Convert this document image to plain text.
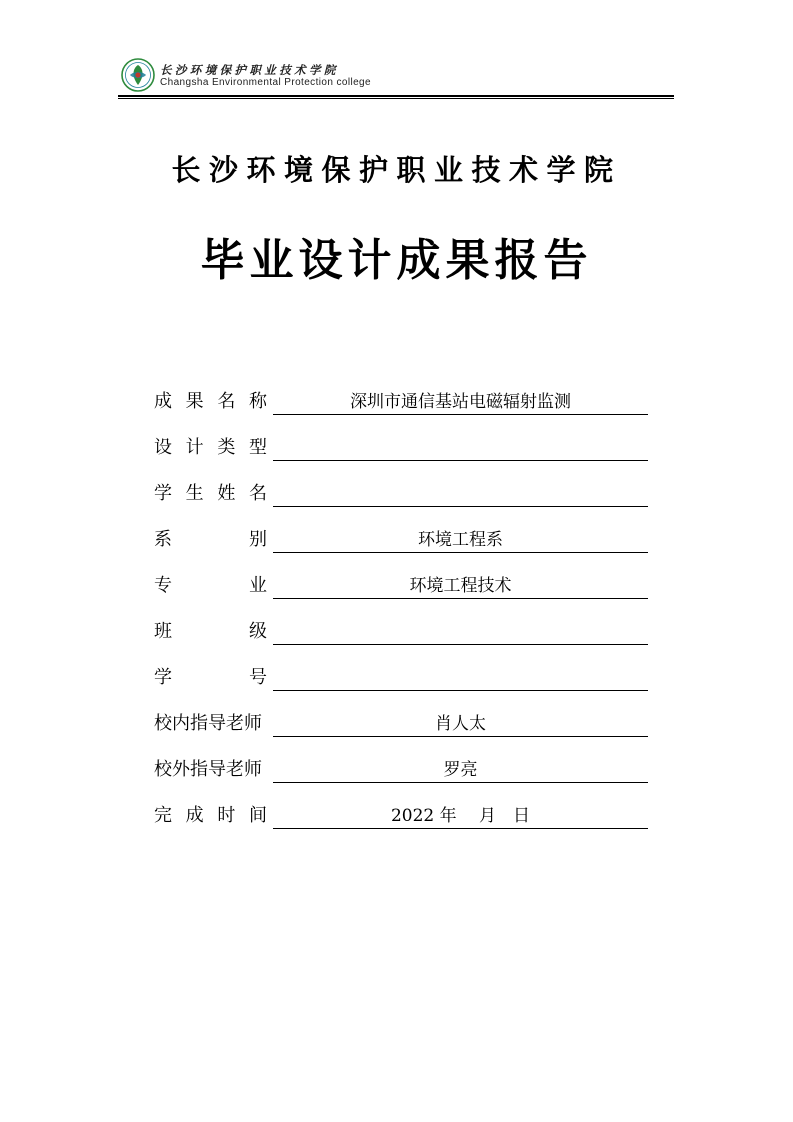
长沙环境保护职业技术学院
Changsha Environmental Protection college
长沙环境保护职业技术学院
毕业设计成果报告
成 果 名 称	深圳市通信基站电磁辐射监测
设 计 类 型
学 生 姓 名
系	别	环境工程系
专	业	环境工程技术
班	级
学	号
校内指导老师	肖人太
校外指导老师	罗亮
完 成 时 间	2022 年　 月　日
